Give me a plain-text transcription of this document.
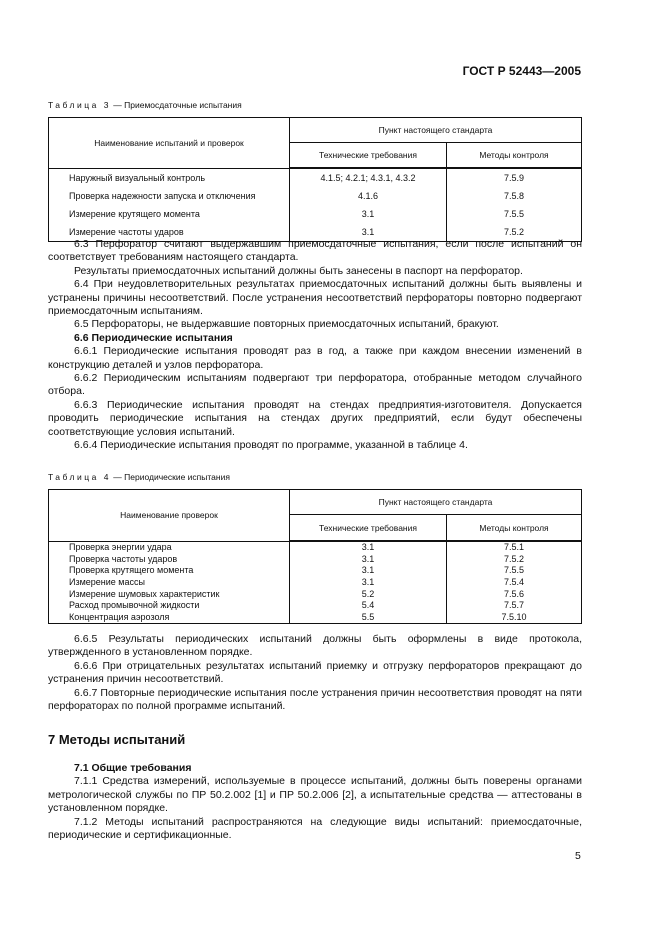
ГОСТ Р 52443—2005
Таблица 3 — Приемосдаточные испытания
Наименование испытаний и проверок	Пункт настоящего стандарта	
	Технические требования	Методы контроля
Наружный визуальный контроль	4.1.5; 4.2.1; 4.3.1, 4.3.2	7.5.9
Проверка надежности запуска и отключения	4.1.6	7.5.8
Измерение крутящего момента	3.1	7.5.5
Измерение частоты ударов	3.1	7.5.2

6.3 Перфоратор считают выдержавшим приемосдаточные испытания, если после испытаний он соответствует требованиям настоящего стандарта.

Результаты приемосдаточных испытаний должны быть занесены в паспорт на перфоратор.

6.4 При неудовлетворительных результатах приемосдаточных испытаний должны быть выявлены и устранены причины несоответствий. После устранения несоответствий перфораторы повторно подвергают приемосдаточным испытаниям.

6.5 Перфораторы, не выдержавшие повторных приемосдаточных испытаний, бракуют.

6.6 Периодические испытания

6.6.1 Периодические испытания проводят раз в год, а также при каждом внесении изменений в конструкцию деталей и узлов перфоратора.

6.6.2 Периодическим испытаниям подвергают три перфоратора, отобранные методом случайного отбора.

6.6.3 Периодические испытания проводят на стендах предприятия-изготовителя. Допускается проводить периодические испытания на стендах других предприятий, если будут обеспечены соответствующие условия испытаний.

6.6.4 Периодические испытания проводят по программе, указанной в таблице 4.

Таблица 4 — Периодические испытания
Наименование проверок	Пункт настоящего стандарта	
	Технические требования	Методы контроля
Проверка энергии удара	3.1	7.5.1
Проверка частоты ударов	3.1	7.5.2
Проверка крутящего момента	3.1	7.5.5
Измерение массы	3.1	7.5.4
Измерение шумовых характеристик	5.2	7.5.6
Расход промывочной жидкости	5.4	7.5.7
Концентрация аэрозоля	5.5	7.5.10

6.6.5 Результаты периодических испытаний должны быть оформлены в виде протокола, утвержденного в установленном порядке.

6.6.6 При отрицательных результатах испытаний приемку и отгрузку перфораторов прекращают до устранения причин несоответствий.

6.6.7 Повторные периодические испытания после устранения причин несоответствия проводят на пяти перфораторах по полной программе испытаний.

7 Методы испытаний

7.1 Общие требования

7.1.1 Средства измерений, используемые в процессе испытаний, должны быть поверены органами метрологической службы по ПР 50.2.002 [1] и ПР 50.2.006 [2], а испытательные средства — аттестованы в установленном порядке.

7.1.2 Методы испытаний распространяются на следующие виды испытаний: приемосдаточные, периодические и сертификационные.

5
